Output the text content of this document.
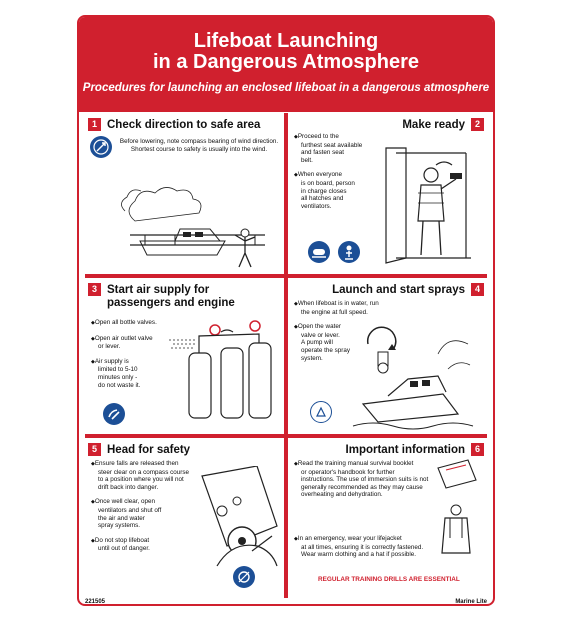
Lifeboat Launching
in a Dangerous Atmosphere
Procedures for launching an enclosed lifeboat in a dangerous atmosphere
1 Check direction to safe area
Before lowering, note compass bearing of wind direction.
Shortest course to safety is usually into the wind.
2
Make ready
◆ Proceed to the
furthest seat available
and fasten seat
belt.
◆ When everyone
is on board, person
in charge closes
all hatches and
ventilators.
3 Start air supply for
passengers and engine
◆ Open all bottle valves.
◆ Open air outlet valve
or lever.
◆ Air supply is
limited to 5-10
minutes only -
do not waste it.
4
Launch and start sprays
◆ When lifeboat is in water, run
the engine at full speed.
◆ Open the water
valve or lever.
A pump will
operate the spray
system.
5 Head for safety
◆ Ensure falls are released then
steer clear on a compass course
to a position where you will not
drift back into danger.
◆ Once well clear, open
ventilators and shut off
the air and water
spray systems.
◆ Do not stop lifeboat
until out of danger.
6
Important information
◆ Read the training manual survival booklet
or operator's handbook for further
instructions. The use of immersion suits is not
generally recommended as they may cause
overheating and dehydration.
◆ In an emergency, wear your lifejacket
at all times, ensuring it is correctly fastened.
Wear warm clothing and a hat if possible.
REGULAR TRAINING DRILLS ARE ESSENTIAL
221505	Marine Lite
